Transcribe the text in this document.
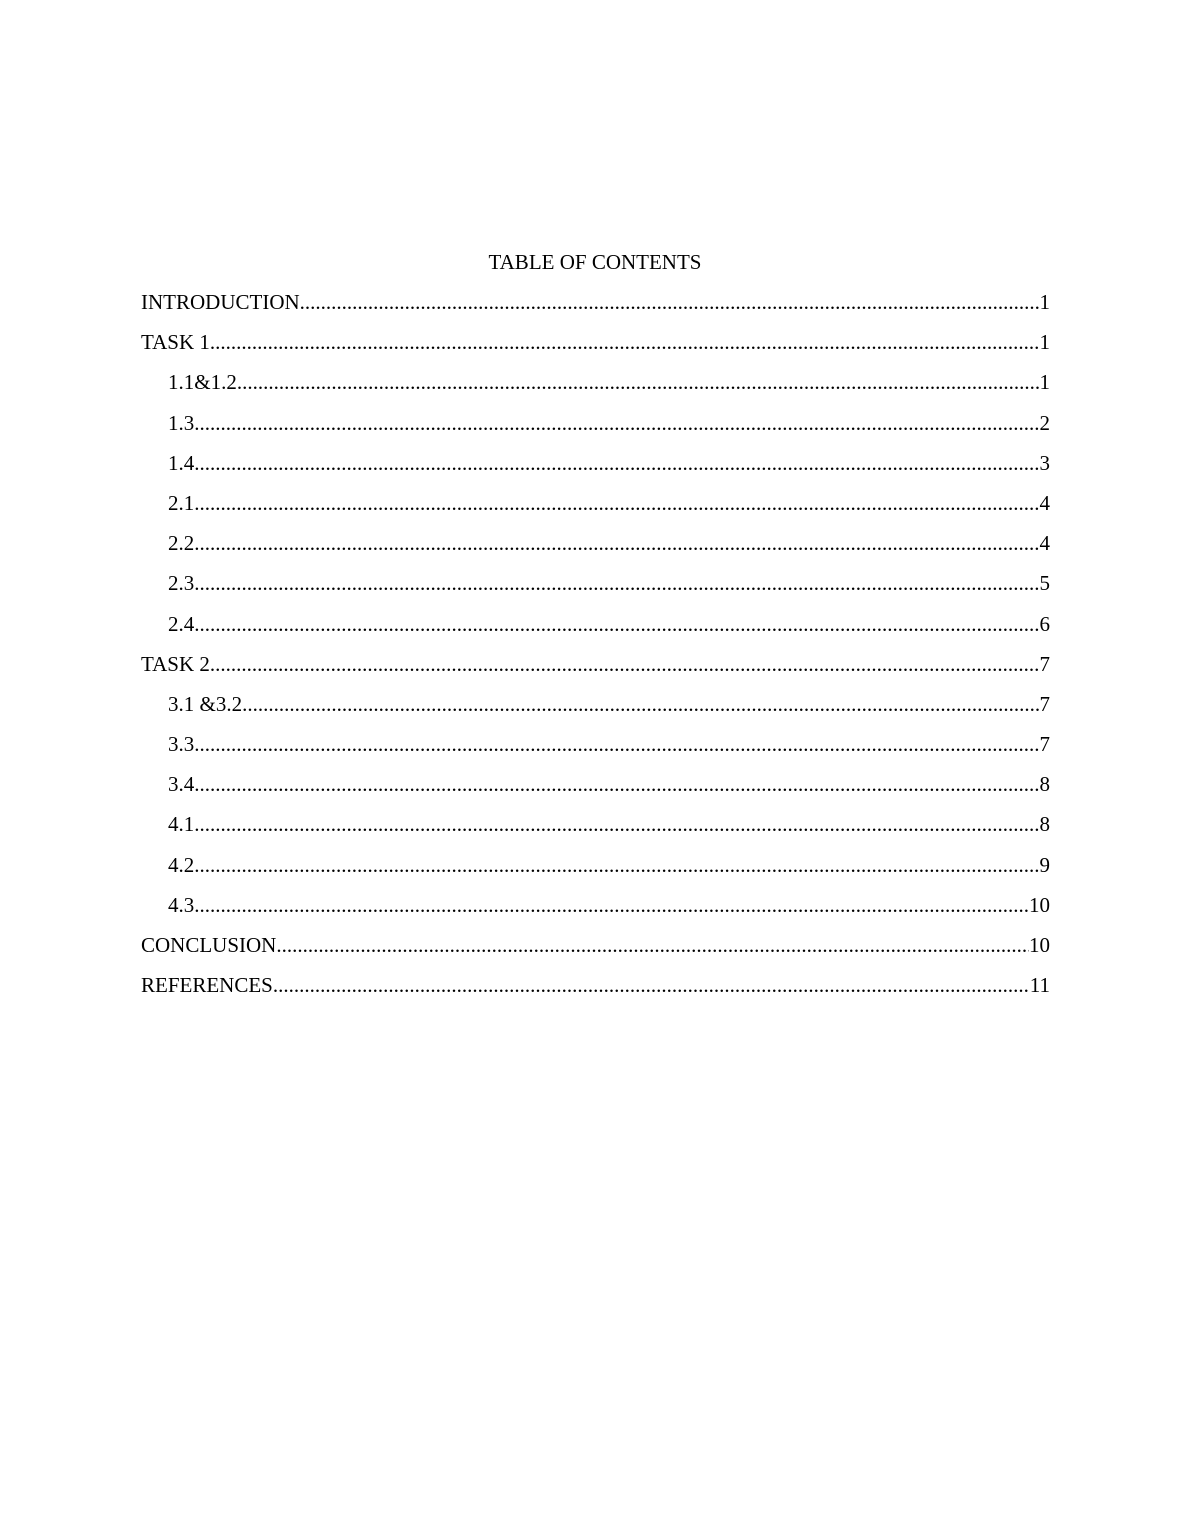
TABLE OF CONTENTS
INTRODUCTION .....	1
TASK 1 .....	1
1.1&1.2 .....	1
1.3 .....	2
1.4 .....	3
2.1 .....	4
2.2 .....	4
2.3 .....	5
2.4 .....	6
TASK 2 .....	7
3.1 &3.2 .....	7
3.3 .....	7
3.4 .....	8
4.1 .....	8
4.2 .....	9
4.3 .....	10
CONCLUSION .....	10
REFERENCES .....	11
